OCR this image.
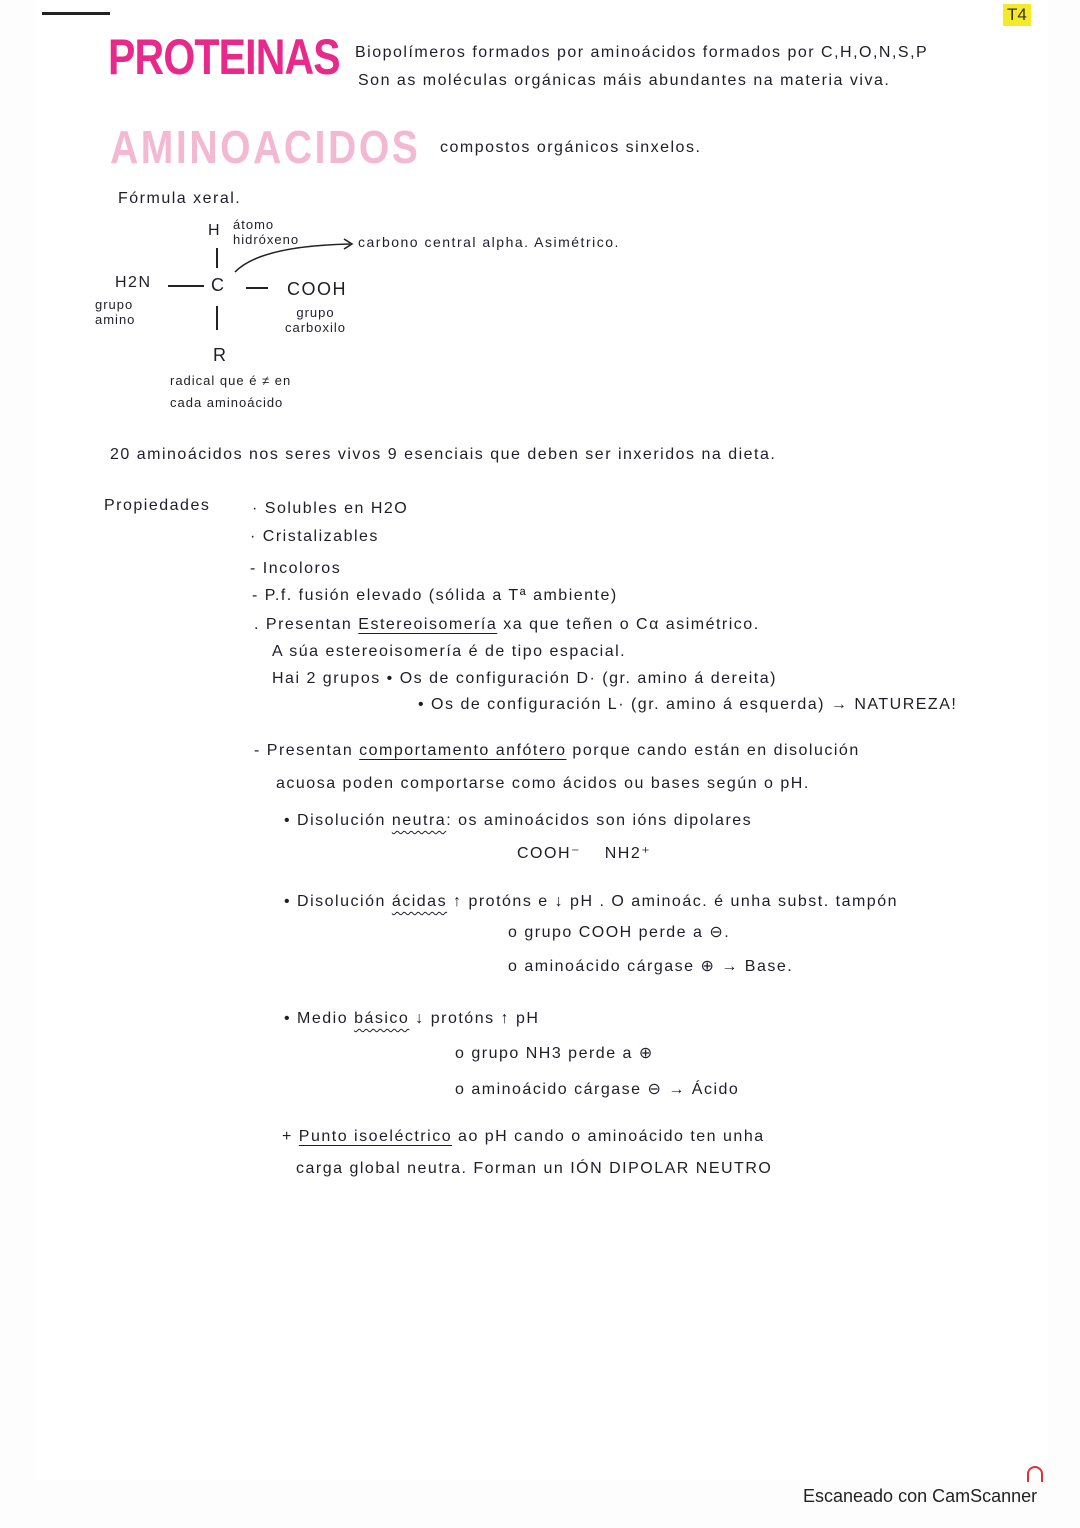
T4
PROTEINAS Biopolímeros formados por aminoácidos formados por C,H,O,N,S,P
Son as moléculas orgánicas máis abundantes na materia viva.
AMINOACIDOS compostos orgánicos sinxelos.
Fórmula xeral.
H átomo hidróxeno
H2N	C	COOH
grupo amino	grupo carboxilo
R
radical que é ≠ en cada aminoácido
carbono central alpha. Asimétrico.
20 aminoácidos nos seres vivos 9 esenciais que deben ser inxeridos na dieta.
Propiedades	· Solubles en H2O
· Cristalizables
- Incoloros
- P.f. fusión elevado (sólida a Tª ambiente)
. Presentan Estereoisomería xa que teñen o Cα asimétrico.
A súa estereoisomería é de tipo espacial.
Hai 2 grupos • Os de configuración D· (gr. amino á dereita)
• Os de configuración L· (gr. amino á esquerda) → NATUREZA!
- Presentan comportamento anfótero porque cando están en disolución
acuosa poden comportarse como ácidos ou bases según o pH.
• Disolución neutra: os aminoácidos son ións dipolares
COOH⁻    NH2⁺
• Disolución ácidas ↑ protóns e ↓ pH . O aminoác. é unha subst. tampón
o grupo COOH perde a ⊖.
o aminoácido cárgase ⊕ → Base.
• Medio básico ↓ protóns ↑ pH
o grupo NH3 perde a ⊕
o aminoácido cárgase ⊖ → Ácido
+ Punto isoeléctrico ao pH cando o aminoácido ten unha
carga global neutra. Forman un IÓN DIPOLAR NEUTRO
Escaneado con CamScanner
